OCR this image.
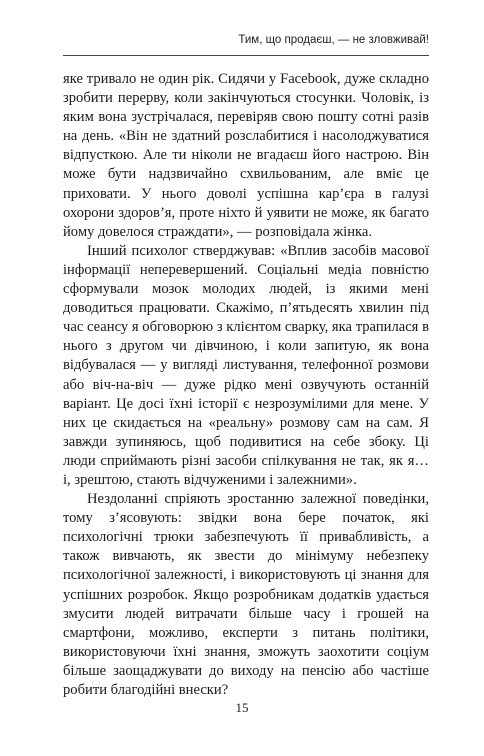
Тим, що продаєш, — не зловживай!

яке тривало не один рік. Сидячи у Facebook, дуже складно зробити перерву, коли закінчуються стосунки. Чоловік, із яким вона зустрічалася, перевіряв свою пошту сотні разів на день. «Він не здатний розслабитися і насолоджуватися відпусткою. Але ти ніколи не вгадаєш його настрою. Він може бути надзвичайно схвильованим, але вміє це приховати. У нього доволі успішна кар’єра в галузі охорони здоров’я, проте ніхто й уявити не може, як багато йому довелося страждати», — розповідала жінка.

Інший психолог стверджував: «Вплив засобів масової інформації неперевершений. Соціальні медіа повністю сформували мозок молодих людей, із якими мені доводиться працювати. Скажімо, п’ятьдесять хвилин під час сеансу я обговорюю з клієнтом сварку, яка трапилася в нього з другом чи дівчиною, і коли запитую, як вона відбувалася — у вигляді листування, телефонної розмови або віч-на-віч — дуже рідко мені озвучують останній варіант. Це досі їхні історії є незрозумілими для мене. У них це скидається на «реальну» розмову сам на сам. Я завжди зупиняюсь, щоб подивитися на себе збоку. Ці люди сприймають різні засоби спілкування не так, як я… і, зрештою, стають відчуженими і залежними».

Нездоланні спріяють зростанню залежної поведінки, тому з’ясовують: звідки вона бере початок, які психологічні трюки забезпечують її привабливість, а також вивчають, як звести до мінімуму небезпеку психологічної залежності, і використовують ці знання для успішних розробок. Якщо розробникам додатків удається змусити людей витрачати більше часу і грошей на смартфони, можливо, експерти з питань політики, використовуючи їхні знання, зможуть заохотити соціум більше заощаджувати до виходу на пенсію або частіше робити благодійні внески?

15
